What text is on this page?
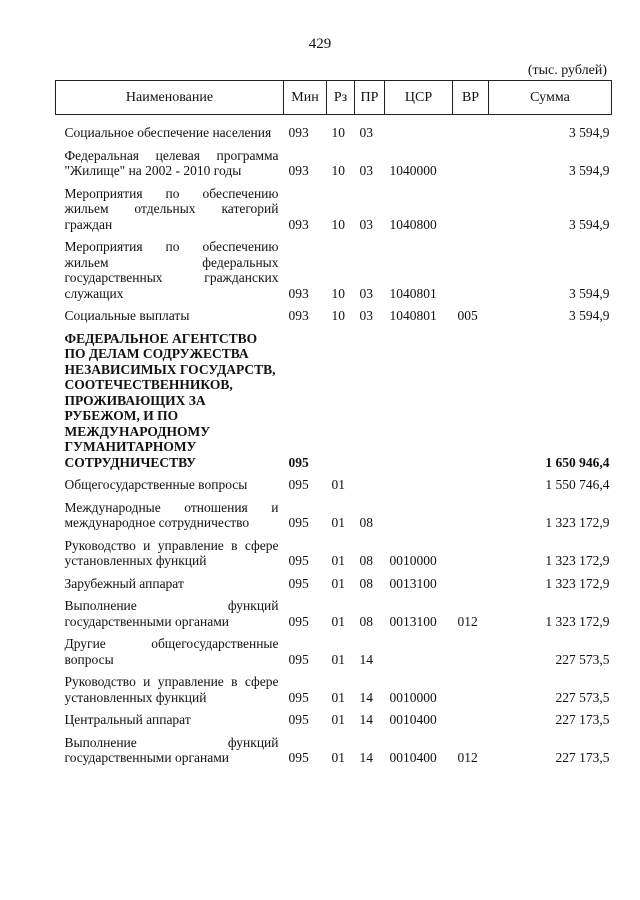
429
(тыс. рублей)
Наименование	Мин	Рз	ПР	ЦСР	ВР	Сумма
Социальное обеспечение населения	093	10	03			3 594,9
Федеральная целевая программа "Жилище" на 2002 - 2010 годы	093	10	03	1040000		3 594,9
Мероприятия по обеспечению жильем отдельных категорий граждан	093	10	03	1040800		3 594,9
Мероприятия по обеспечению жильем федеральных государственных гражданских служащих	093	10	03	1040801		3 594,9
Социальные выплаты	093	10	03	1040801	005	3 594,9
ФЕДЕРАЛЬНОЕ АГЕНТСТВО ПО ДЕЛАМ СОДРУЖЕСТВА НЕЗАВИСИМЫХ ГОСУДАРСТВ, СООТЕЧЕСТВЕННИКОВ, ПРОЖИВАЮЩИХ ЗА РУБЕЖОМ, И ПО МЕЖДУНАРОДНОМУ ГУМАНИТАРНОМУ СОТРУДНИЧЕСТВУ	095					1 650 946,4
Общегосударственные вопросы	095	01				1 550 746,4
Международные отношения и международное сотрудничество	095	01	08			1 323 172,9
Руководство и управление в сфере установленных функций	095	01	08	0010000		1 323 172,9
Зарубежный аппарат	095	01	08	0013100		1 323 172,9
Выполнение функций государственными органами	095	01	08	0013100	012	1 323 172,9
Другие общегосударственные вопросы	095	01	14			227 573,5
Руководство и управление в сфере установленных функций	095	01	14	0010000		227 573,5
Центральный аппарат	095	01	14	0010400		227 173,5
Выполнение функций государственными органами	095	01	14	0010400	012	227 173,5
